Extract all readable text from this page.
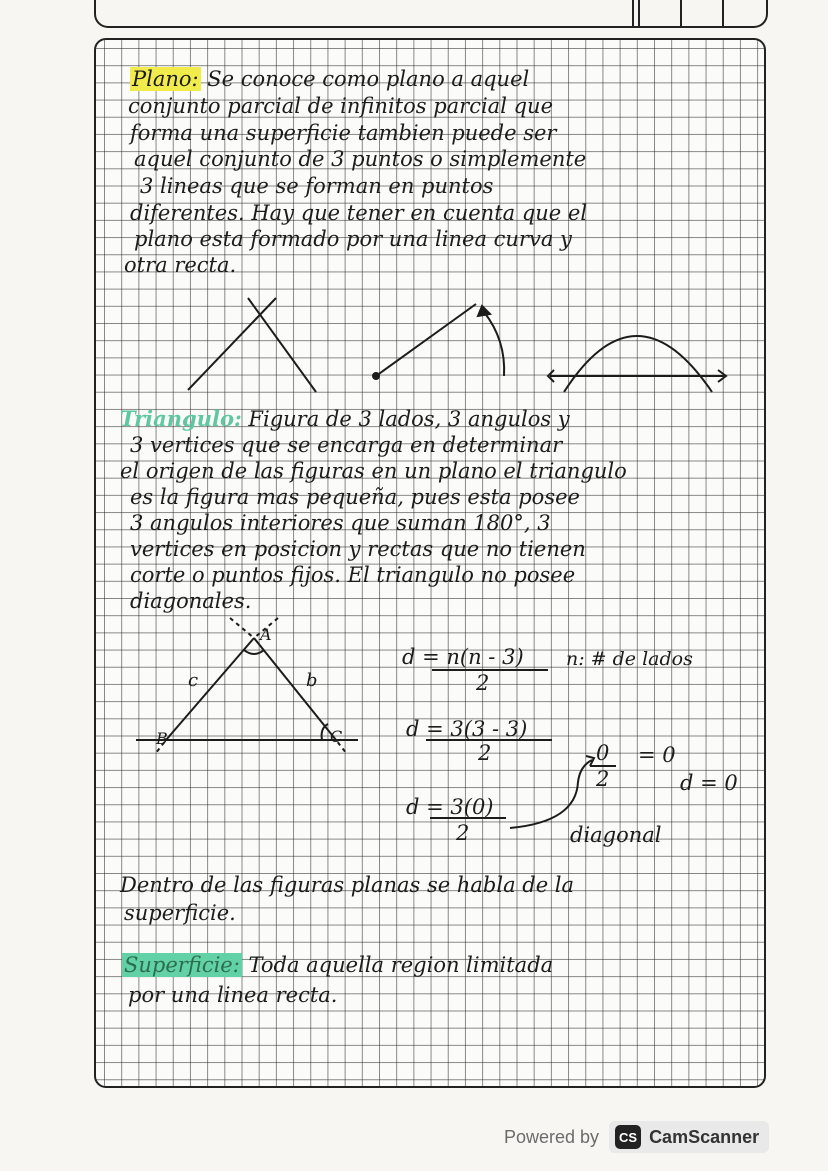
Plano: Se conoce como plano a aquel

conjunto parcial de infinitos parcial que

forma una superficie tambien puede ser

aquel conjunto de 3 puntos o simplemente

3 lineas que se forman en puntos

diferentes. Hay que tener en cuenta que el

plano esta formado por una linea curva y

otra recta.

Triangulo: Figura de 3 lados, 3 angulos y

3 vertices que se encarga en determinar

el origen de las figuras en un plano el triangulo

es la figura mas pequeña, pues esta posee

3 angulos interiores que suman 180°, 3

vertices en posicion y rectas que no tienen

corte o puntos fijos. El triangulo no posee

diagonales.

A
B	C
c	b
d = n(n - 3) n: # de lados
2
d = 3(3 - 3)
2	0
2
= 0
d = 0
d = 3(0)
2	diagonal

Dentro de las figuras planas se habla de la

superficie.

Superficie: Toda aquella region limitada

por una linea recta.

Powered by	CS CamScanner
